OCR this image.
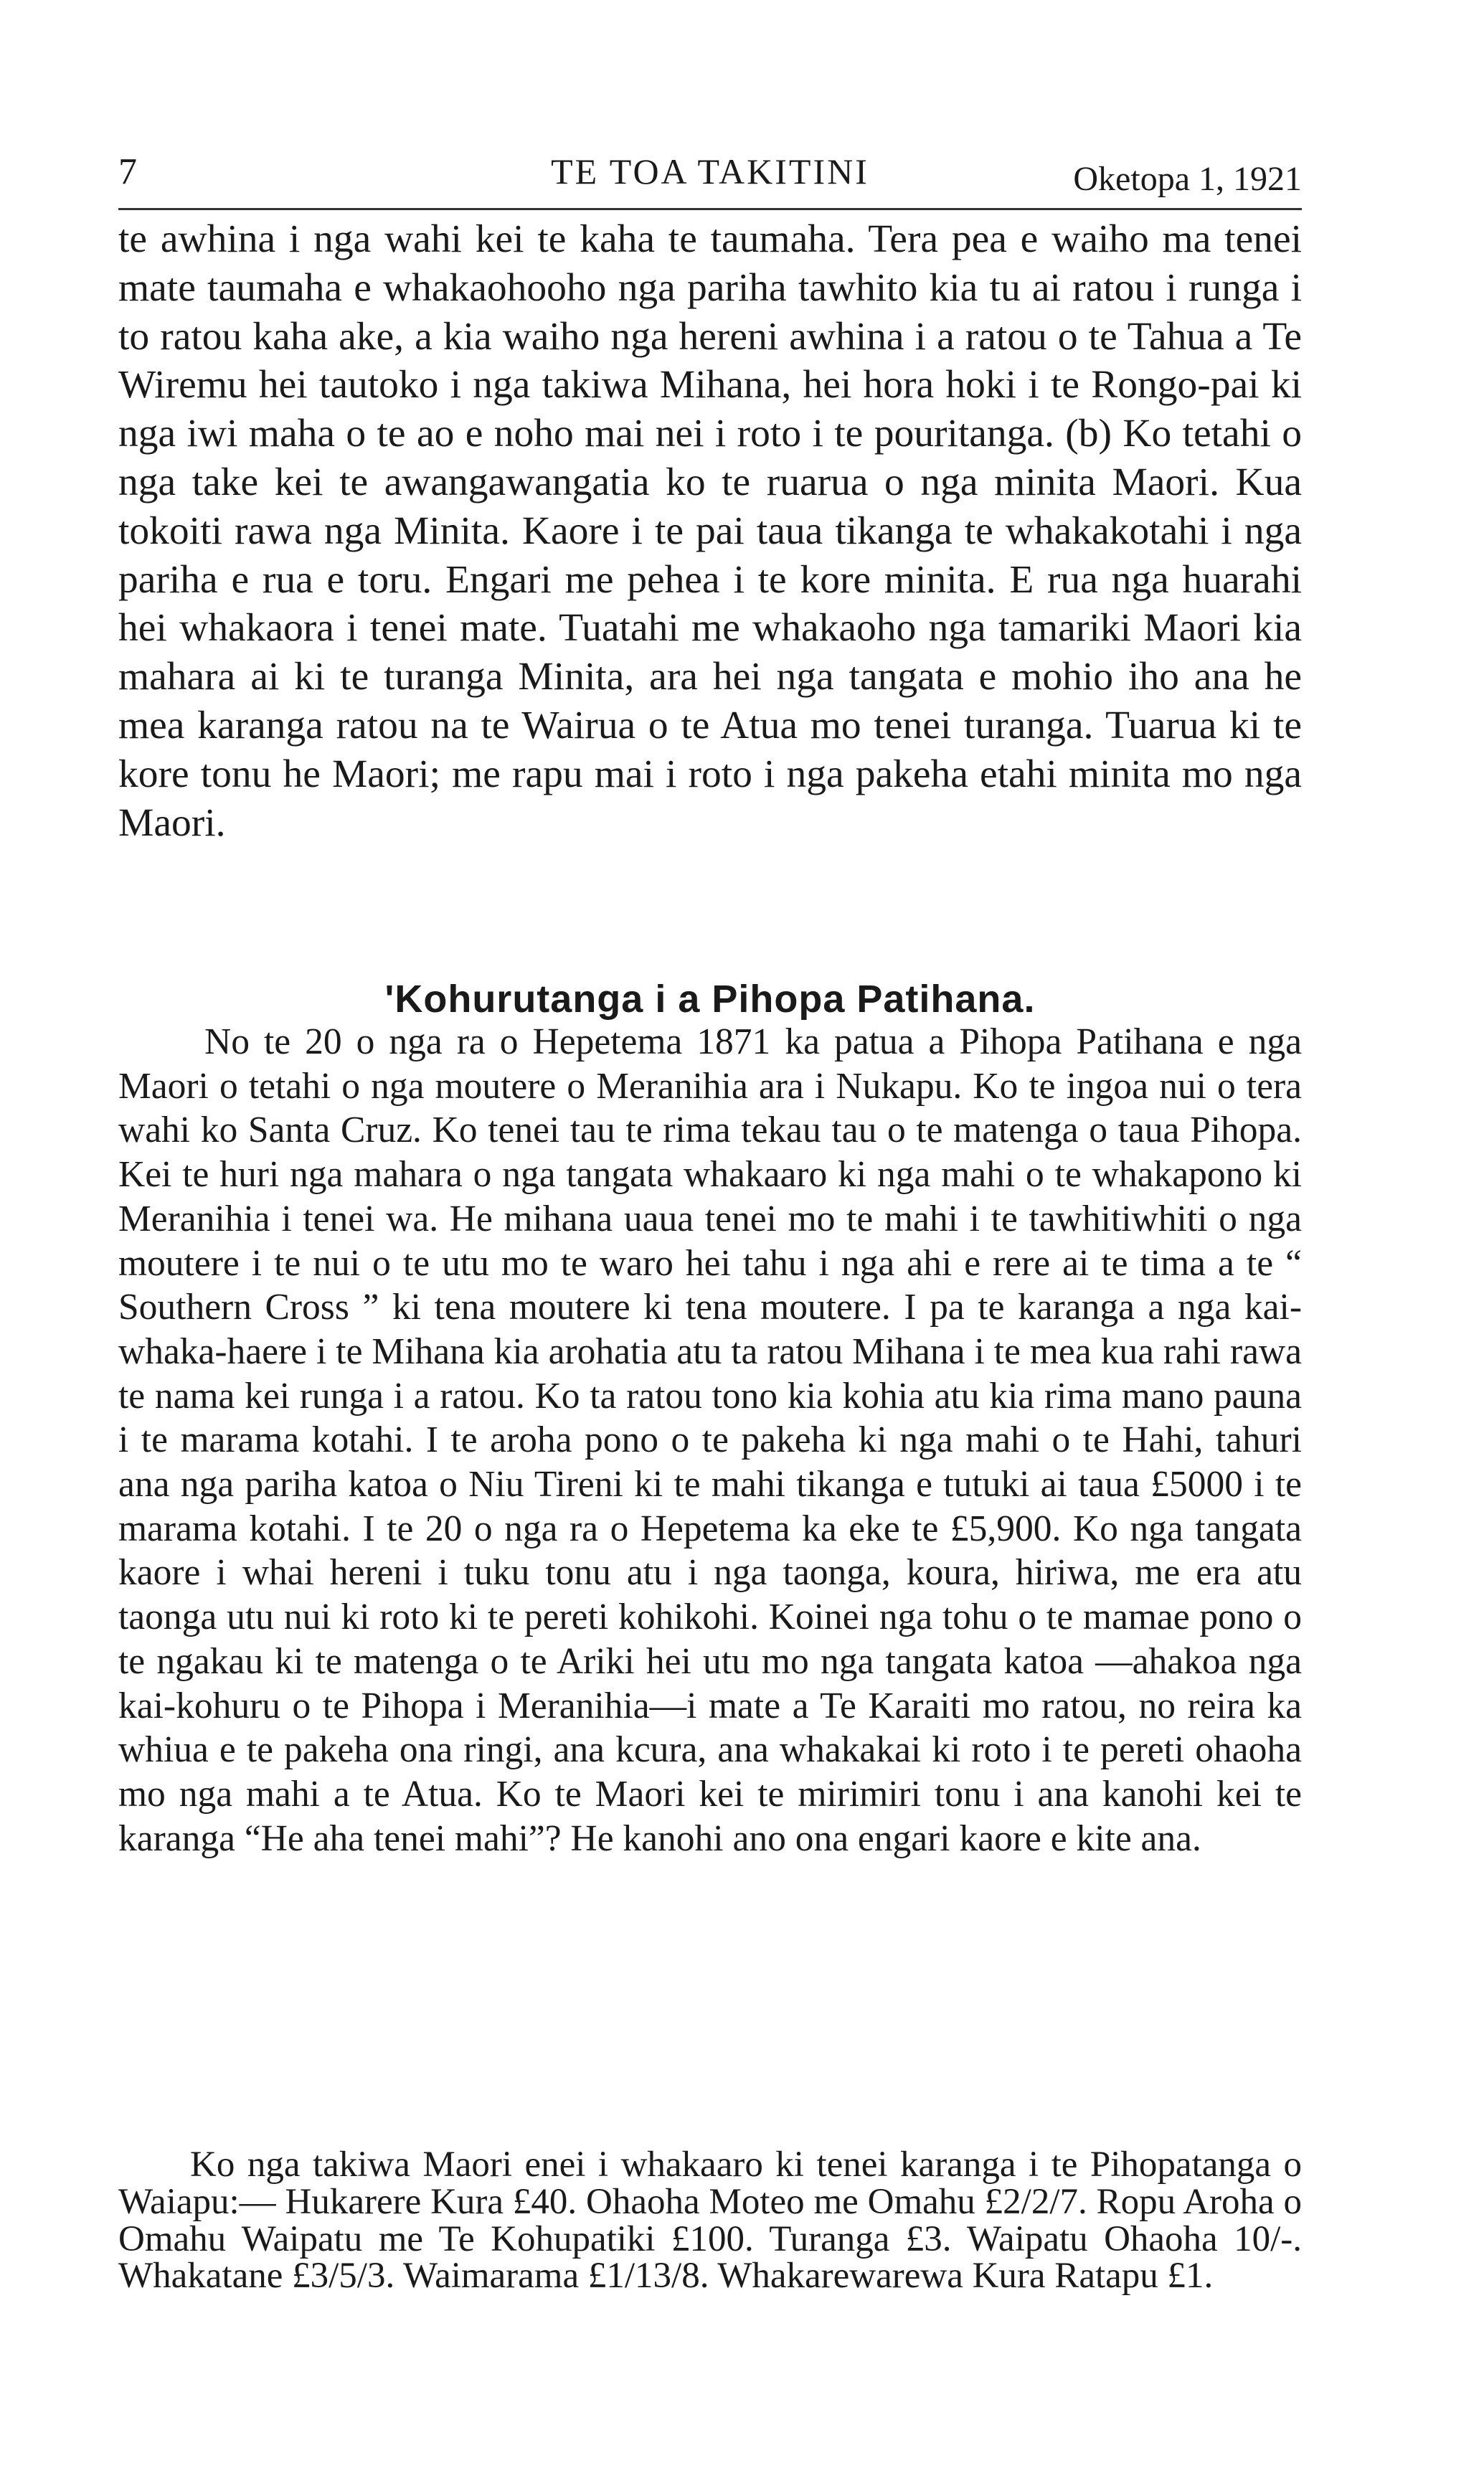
7	TE TOA TAKITINI	Oketopa 1, 1921

te awhina i nga wahi kei te kaha te taumaha. Tera pea e waiho ma tenei mate taumaha e whakaohooho nga pariha tawhito kia tu ai ratou i runga i to ratou kaha ake, a kia waiho nga hereni awhina i a ratou o te Tahua a Te Wiremu hei tautoko i nga takiwa Mihana, hei hora hoki i te Rongo-pai ki nga iwi maha o te ao e noho mai nei i roto i te pouritanga. (b) Ko tetahi o nga take kei te awangawangatia ko te ruarua o nga minita Maori. Kua tokoiti rawa nga Minita. Kaore i te pai taua tikanga te whakakotahi i nga pariha e rua e toru. Engari me pehea i te kore minita. E rua nga huarahi hei whakaora i tenei mate. Tuatahi me whakaoho nga tamariki Maori kia mahara ai ki te turanga Minita, ara hei nga tangata e mohio iho ana he mea karanga ratou na te Wairua o te Atua mo tenei turanga. Tuarua ki te kore tonu he Maori; me rapu mai i roto i nga pakeha etahi minita mo nga Maori.

'Kohurutanga i a Pihopa Patihana.

No te 20 o nga ra o Hepetema 1871 ka patua a Pihopa Patihana e nga Maori o tetahi o nga moutere o Meranihia ara i Nukapu. Ko te ingoa nui o tera wahi ko Santa Cruz. Ko tenei tau te rima tekau tau o te matenga o taua Pihopa. Kei te huri nga mahara o nga tangata whakaaro ki nga mahi o te whakapono ki Meranihia i tenei wa. He mihana uaua tenei mo te mahi i te tawhitiwhiti o nga moutere i te nui o te utu mo te waro hei tahu i nga ahi e rere ai te tima a te “ Southern Cross ” ki tena moutere ki tena moutere. I pa te karanga a nga kai-whaka-haere i te Mihana kia arohatia atu ta ratou Mihana i te mea kua rahi rawa te nama kei runga i a ratou. Ko ta ratou tono kia kohia atu kia rima mano pauna i te marama kotahi. I te aroha pono o te pakeha ki nga mahi o te Hahi, tahuri ana nga pariha katoa o Niu Tireni ki te mahi tikanga e tutuki ai taua £5000 i te marama kotahi. I te 20 o nga ra o Hepetema ka eke te £5,900. Ko nga tangata kaore i whai hereni i tuku tonu atu i nga taonga, koura, hiriwa, me era atu taonga utu nui ki roto ki te pereti kohikohi. Koinei nga tohu o te mamae pono o te ngakau ki te matenga o te Ariki hei utu mo nga tangata katoa —ahakoa nga kai-kohuru o te Pihopa i Meranihia—i mate a Te Karaiti mo ratou, no reira ka whiua e te pakeha ona ringi, ana kcura, ana whakakai ki roto i te pereti ohaoha mo nga mahi a te Atua. Ko te Maori kei te mirimiri tonu i ana kanohi kei te karanga “He aha tenei mahi”? He kanohi ano ona engari kaore e kite ana.

Ko nga takiwa Maori enei i whakaaro ki tenei karanga i te Pihopatanga o Waiapu:— Hukarere Kura £40. Ohaoha Moteo me Omahu £2/2/7. Ropu Aroha o Omahu Waipatu me Te Kohupatiki £100. Turanga £3. Waipatu Ohaoha 10/-. Whakatane £3/5/3. Waimarama £1/13/8. Whakarewarewa Kura Ratapu £1.
